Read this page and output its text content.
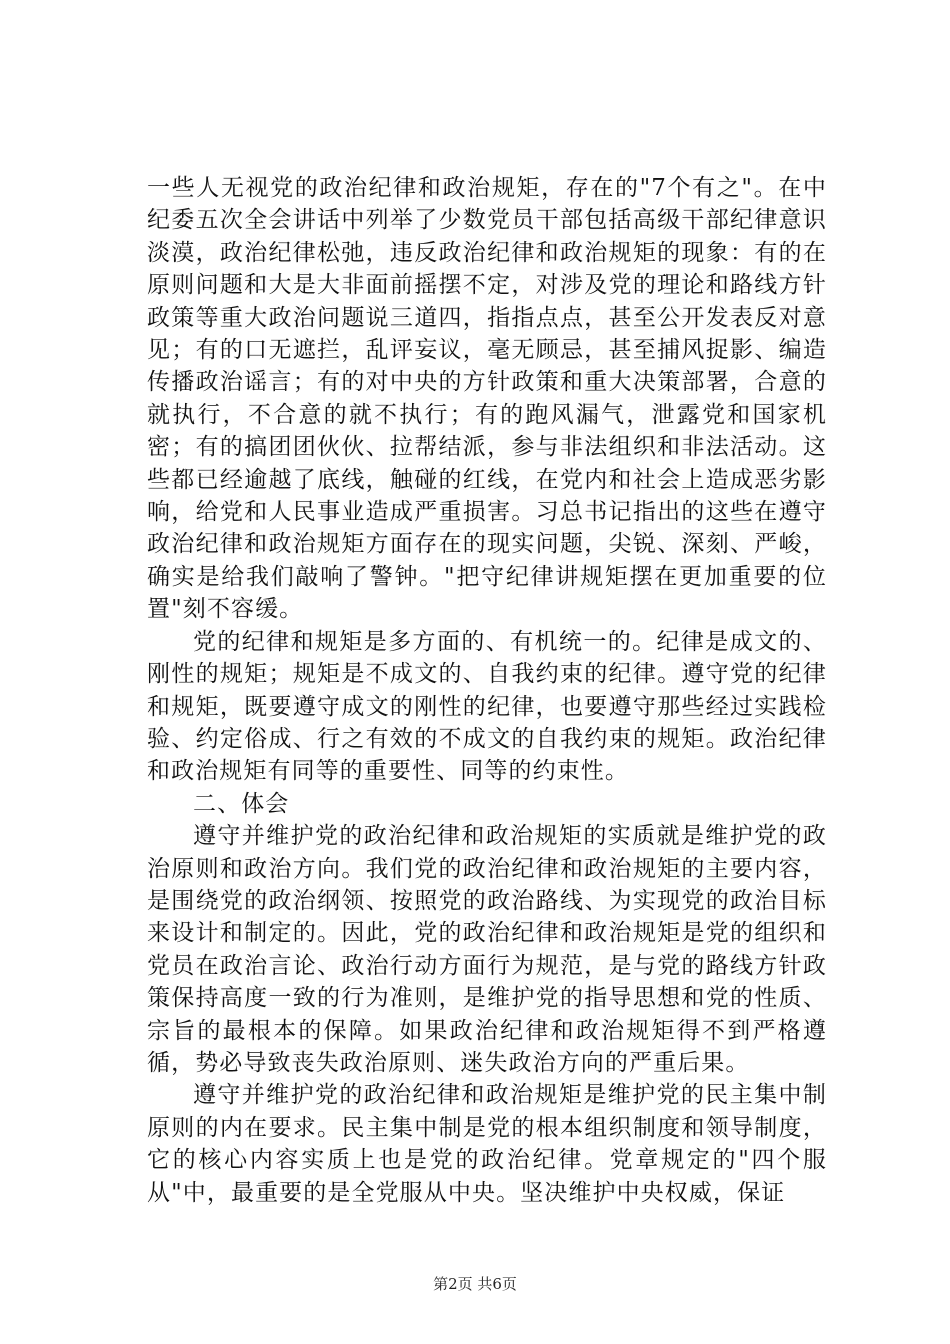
一些人无视党的政治纪律和政治规矩，存在的"7个有之"。在中纪委五次全会讲话中列举了少数党员干部包括高级干部纪律意识淡漠，政治纪律松弛，违反政治纪律和政治规矩的现象：有的在原则问题和大是大非面前摇摆不定，对涉及党的理论和路线方针政策等重大政治问题说三道四，指指点点，甚至公开发表反对意见；有的口无遮拦，乱评妄议，毫无顾忌，甚至捕风捉影、编造传播政治谣言；有的对中央的方针政策和重大决策部署，合意的就执行，不合意的就不执行；有的跑风漏气，泄露党和国家机密；有的搞团团伙伙、拉帮结派，参与非法组织和非法活动。这些都已经逾越了底线，触碰的红线，在党内和社会上造成恶劣影响，给党和人民事业造成严重损害。习总书记指出的这些在遵守政治纪律和政治规矩方面存在的现实问题，尖锐、深刻、严峻，确实是给我们敲响了警钟。"把守纪律讲规矩摆在更加重要的位置"刻不容缓。

党的纪律和规矩是多方面的、有机统一的。纪律是成文的、刚性的规矩；规矩是不成文的、自我约束的纪律。遵守党的纪律和规矩，既要遵守成文的刚性的纪律，也要遵守那些经过实践检验、约定俗成、行之有效的不成文的自我约束的规矩。政治纪律和政治规矩有同等的重要性、同等的约束性。

二、体会

遵守并维护党的政治纪律和政治规矩的实质就是维护党的政治原则和政治方向。我们党的政治纪律和政治规矩的主要内容，是围绕党的政治纲领、按照党的政治路线、为实现党的政治目标来设计和制定的。因此，党的政治纪律和政治规矩是党的组织和党员在政治言论、政治行动方面行为规范，是与党的路线方针政策保持高度一致的行为准则，是维护党的指导思想和党的性质、宗旨的最根本的保障。如果政治纪律和政治规矩得不到严格遵循，势必导致丧失政治原则、迷失政治方向的严重后果。

遵守并维护党的政治纪律和政治规矩是维护党的民主集中制原则的内在要求。民主集中制是党的根本组织制度和领导制度，它的核心内容实质上也是党的政治纪律。党章规定的"四个服从"中，最重要的是全党服从中央。坚决维护中央权威，保证

第2页 共6页
